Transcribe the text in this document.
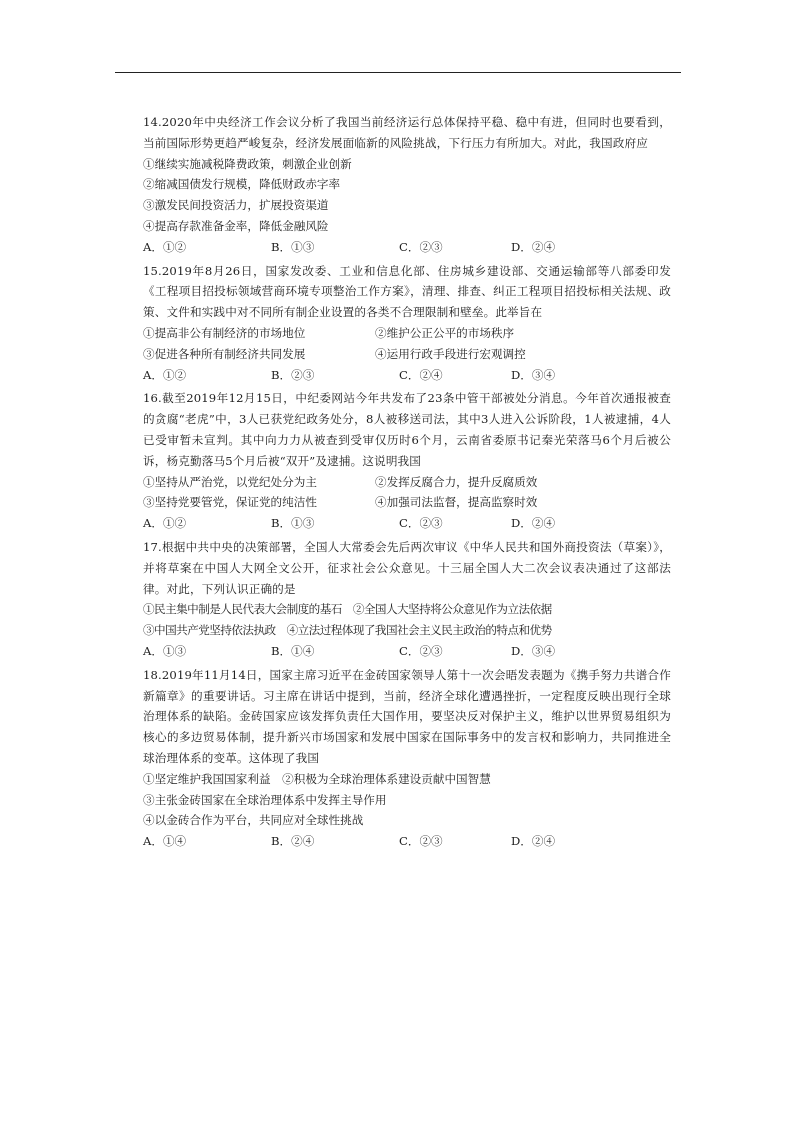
14.2020年中央经济工作会议分析了我国当前经济运行总体保持平稳、稳中有进，但同时也要看到，当前国际形势更趋严峻复杂，经济发展面临新的风险挑战，下行压力有所加大。对此，我国政府应

①继续实施减税降费政策，刺激企业创新

②缩减国债发行规模，降低财政赤字率

③激发民间投资活力，扩展投资渠道

④提高存款准备金率，降低金融风险

A．①②	B．①③	C．②③	D．②④

15.2019年8月26日，国家发改委、工业和信息化部、住房城乡建设部、交通运输部等八部委印发《工程项目招投标领域营商环境专项整治工作方案》，清理、排查、纠正工程项目招投标相关法规、政策、文件和实践中对不同所有制企业设置的各类不合理限制和壁垒。此举旨在

①提高非公有制经济的市场地位	②维护公正公平的市场秩序

③促进各种所有制经济共同发展	④运用行政手段进行宏观调控

A．①②	B．②③	C．②④	D．③④

16.截至2019年12月15日，中纪委网站今年共发布了23条中管干部被处分消息。今年首次通报被查的贪腐“老虎”中，3人已获党纪政务处分，8人被移送司法，其中3人进入公诉阶段，1人被逮捕，4人已受审暂未宣判。其中向力力从被查到受审仅历时6个月，云南省委原书记秦光荣落马6个月后被公诉，杨克勤落马5个月后被“双开”及逮捕。这说明我国

①坚持从严治党，以党纪处分为主	②发挥反腐合力，提升反腐质效

③坚持党要管党，保证党的纯洁性	④加强司法监督，提高监察时效

A．①②	B．①③	C．②③	D．②④

17.根据中共中央的决策部署，全国人大常委会先后两次审议《中华人民共和国外商投资法（草案）》，并将草案在中国人大网全文公开，征求社会公众意见。十三届全国人大二次会议表决通过了这部法律。对此，下列认识正确的是

①民主集中制是人民代表大会制度的基石　②全国人大坚持将公众意见作为立法依据

③中国共产党坚持依法执政　④立法过程体现了我国社会主义民主政治的特点和优势

A．①③	B．①④	C．②③	D．③④

18.2019年11月14日，国家主席习近平在金砖国家领导人第十一次会晤发表题为《携手努力共谱合作新篇章》的重要讲话。习主席在讲话中提到，当前，经济全球化遭遇挫折，一定程度反映出现行全球治理体系的缺陷。金砖国家应该发挥负责任大国作用，要坚决反对保护主义，维护以世界贸易组织为核心的多边贸易体制，提升新兴市场国家和发展中国家在国际事务中的发言权和影响力，共同推进全球治理体系的变革。这体现了我国

①坚定维护我国国家利益　②积极为全球治理体系建设贡献中国智慧

③主张金砖国家在全球治理体系中发挥主导作用

④以金砖合作为平台，共同应对全球性挑战

A．①④	B．②④	C．②③	D．②④
